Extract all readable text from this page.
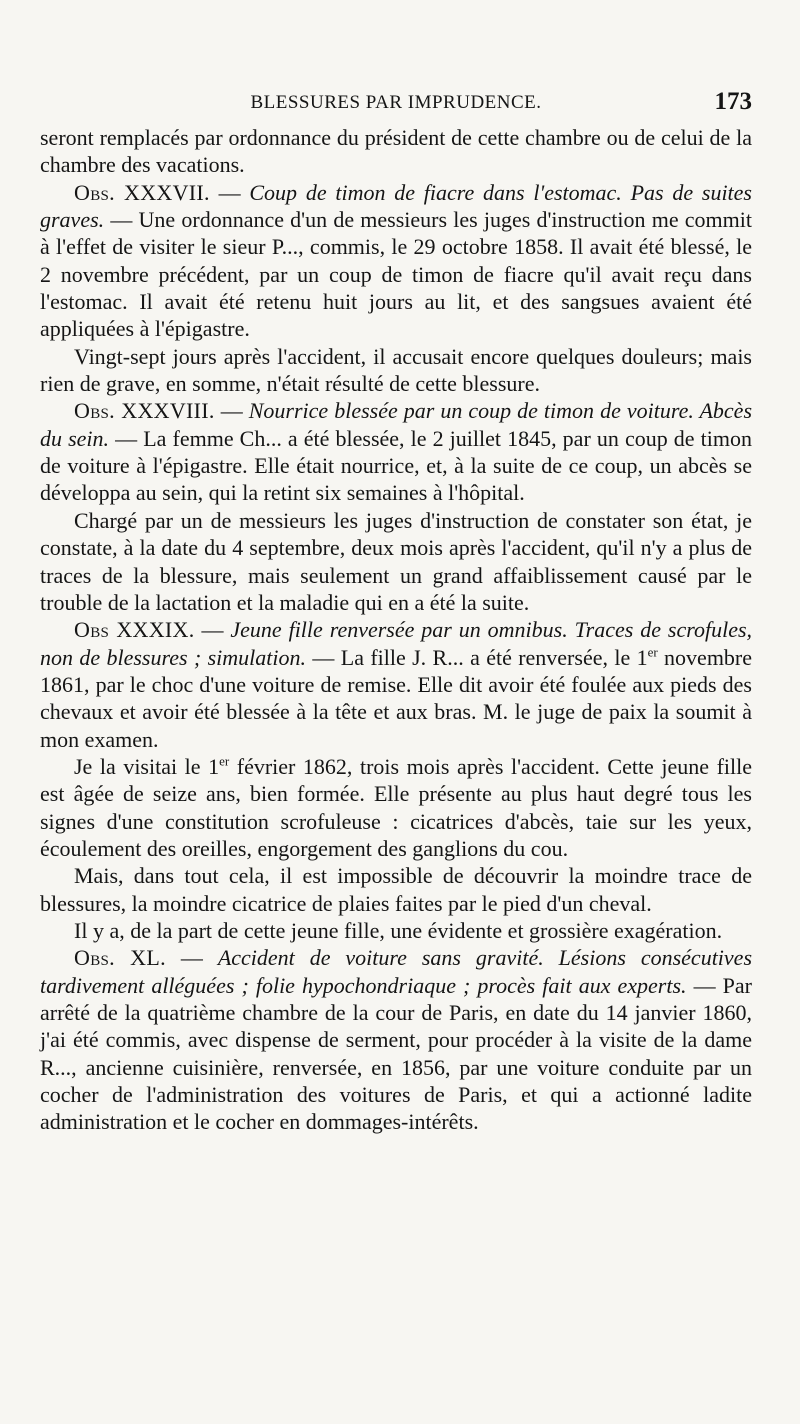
BLESSURES PAR IMPRUDENCE.	173

seront remplacés par ordonnance du président de cette chambre ou de celui de la chambre des vacations.

Obs. XXXVII. — Coup de timon de fiacre dans l'estomac. Pas de suites graves. — Une ordonnance d'un de messieurs les juges d'instruction me commit à l'effet de visiter le sieur P..., commis, le 29 octobre 1858. Il avait été blessé, le 2 novembre précédent, par un coup de timon de fiacre qu'il avait reçu dans l'estomac. Il avait été retenu huit jours au lit, et des sangsues avaient été appliquées à l'épigastre.

Vingt-sept jours après l'accident, il accusait encore quelques douleurs; mais rien de grave, en somme, n'était résulté de cette blessure.

Obs. XXXVIII. — Nourrice blessée par un coup de timon de voiture. Abcès du sein. — La femme Ch... a été blessée, le 2 juillet 1845, par un coup de timon de voiture à l'épigastre. Elle était nourrice, et, à la suite de ce coup, un abcès se développa au sein, qui la retint six semaines à l'hôpital.

Chargé par un de messieurs les juges d'instruction de constater son état, je constate, à la date du 4 septembre, deux mois après l'accident, qu'il n'y a plus de traces de la blessure, mais seulement un grand affaiblissement causé par le trouble de la lactation et la maladie qui en a été la suite.

Obs XXXIX. — Jeune fille renversée par un omnibus. Traces de scrofules, non de blessures ; simulation. — La fille J. R... a été renversée, le 1er novembre 1861, par le choc d'une voiture de remise. Elle dit avoir été foulée aux pieds des chevaux et avoir été blessée à la tête et aux bras. M. le juge de paix la soumit à mon examen.

Je la visitai le 1er février 1862, trois mois après l'accident. Cette jeune fille est âgée de seize ans, bien formée. Elle présente au plus haut degré tous les signes d'une constitution scrofuleuse : cicatrices d'abcès, taie sur les yeux, écoulement des oreilles, engorgement des ganglions du cou.

Mais, dans tout cela, il est impossible de découvrir la moindre trace de blessures, la moindre cicatrice de plaies faites par le pied d'un cheval.

Il y a, de la part de cette jeune fille, une évidente et grossière exagération.

Obs. XL. — Accident de voiture sans gravité. Lésions consécutives tardivement alléguées ; folie hypochondriaque ; procès fait aux experts. — Par arrêté de la quatrième chambre de la cour de Paris, en date du 14 janvier 1860, j'ai été commis, avec dispense de serment, pour procéder à la visite de la dame R..., ancienne cuisinière, renversée, en 1856, par une voiture conduite par un cocher de l'administration des voitures de Paris, et qui a actionné ladite administration et le cocher en dommages-intérêts.
